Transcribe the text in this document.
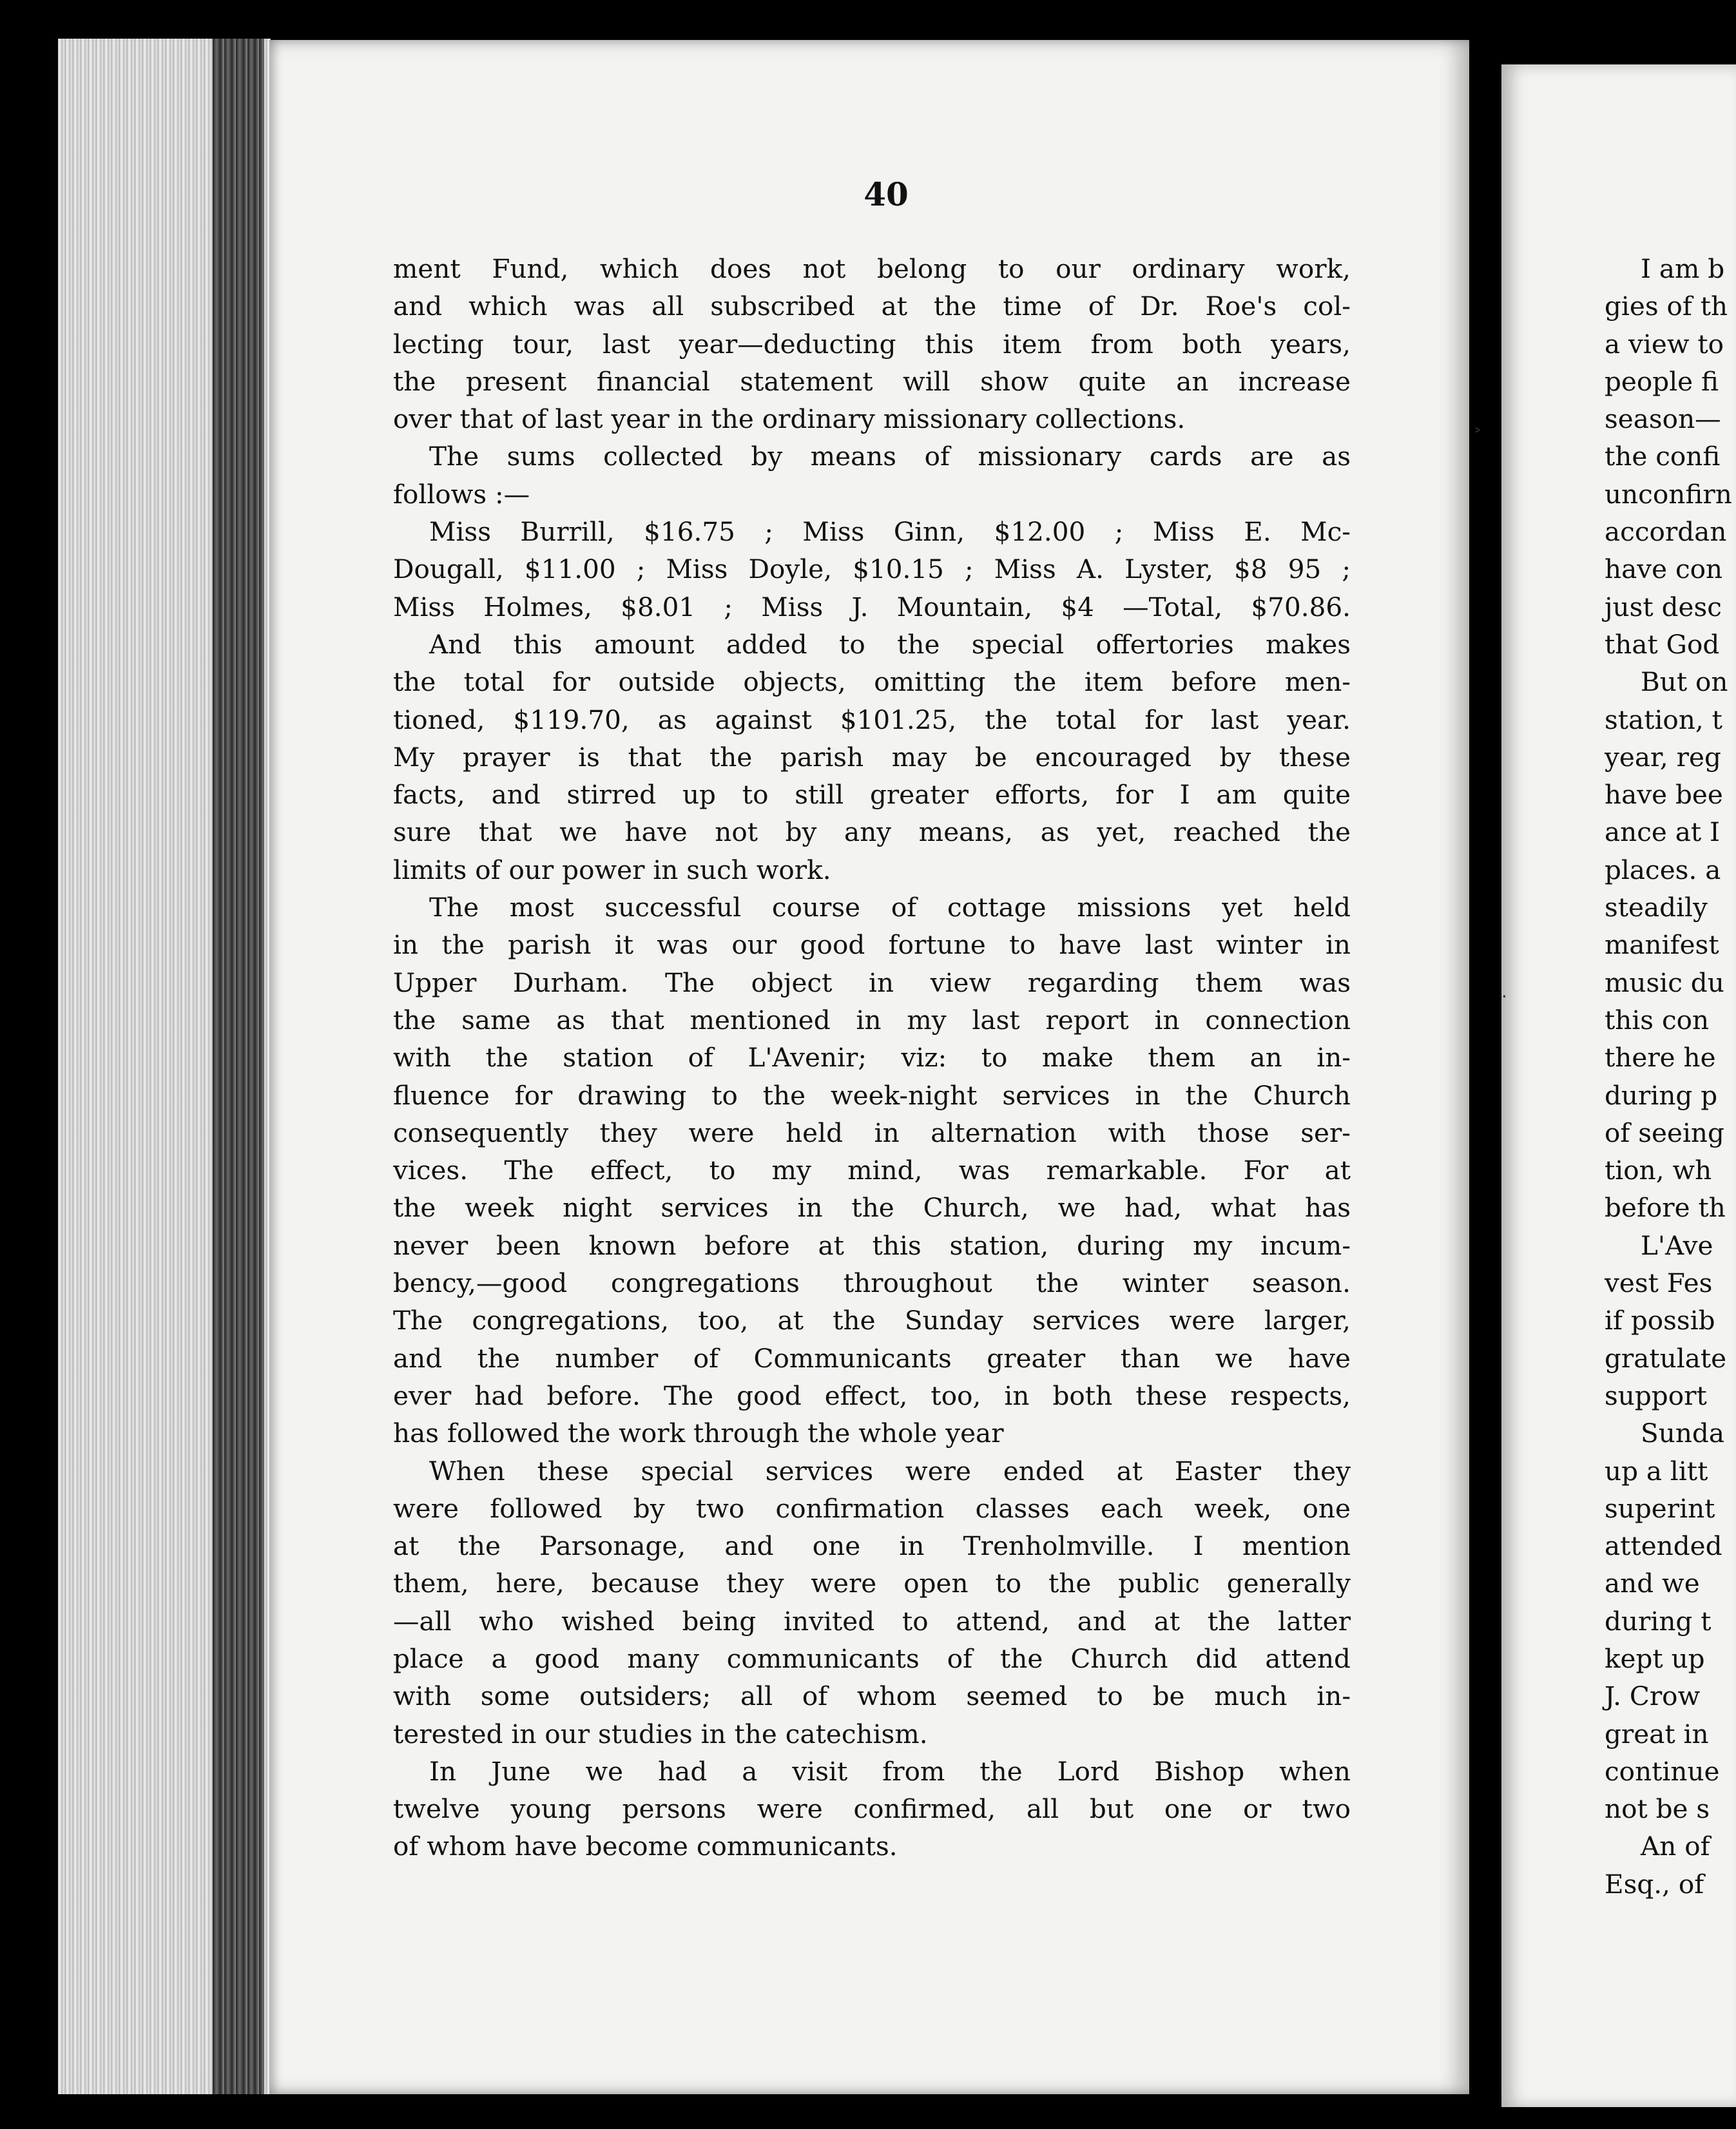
40
ment Fund, which does not belong to our ordinary work,
and which was all subscribed at the time of Dr. Roe's col-
lecting tour, last year—deducting this item from both years,
the present financial statement will show quite an increase
over that of last year in the ordinary missionary collections.
The sums collected by means of missionary cards are as
follows :—
Miss Burrill, $16.75 ; Miss Ginn, $12.00 ; Miss E. Mc-
Dougall, $11.00 ; Miss Doyle, $10.15 ; Miss A. Lyster, $8 95 ;
Miss Holmes, $8.01 ; Miss J. Mountain, $4 —Total, $70.86.
And this amount added to the special offertories makes
the total for outside objects, omitting the item before men-
tioned, $119.70, as against $101.25, the total for last year.
My prayer is that the parish may be encouraged by these
facts, and stirred up to still greater efforts, for I am quite
sure that we have not by any means, as yet, reached the
limits of our power in such work.
The most successful course of cottage missions yet held
in the parish it was our good fortune to have last winter in
Upper Durham. The object in view regarding them was
the same as that mentioned in my last report in connection
with the station of L'Avenir; viz: to make them an in-
fluence for drawing to the week-night services in the Church
consequently they were held in alternation with those ser-
vices. The effect, to my mind, was remarkable. For at
the week night services in the Church, we had, what has
never been known before at this station, during my incum-
bency,—good congregations throughout the winter season.
The congregations, too, at the Sunday services were larger,
and the number of Communicants greater than we have
ever had before. The good effect, too, in both these respects,
has followed the work through the whole year
When these special services were ended at Easter they
were followed by two confirmation classes each week, one
at the Parsonage, and one in Trenholmville. I mention
them, here, because they were open to the public generally
—all who wished being invited to attend, and at the latter
place a good many communicants of the Church did attend
with some outsiders; all of whom seemed to be much in-
terested in our studies in the catechism.
In June we had a visit from the Lord Bishop when
twelve young persons were confirmed, all but one or two
of whom have become communicants.
I am b
gies of th
a view to
people fi
season—
the confi
unconfirn
accordan
have con
just desc
that God
But on
station, t
year, reg
have bee
ance at I
places. a
steadily
manifest
music du
this con
there he
during p
of seeing
tion, wh
before th
L'Ave
vest Fes
if possib
gratulate
support
Sunda
up a litt
superint
attended
and we
during t
kept up
J. Crow
great in
continue
not be s
An of
Esq., of
˃
·
